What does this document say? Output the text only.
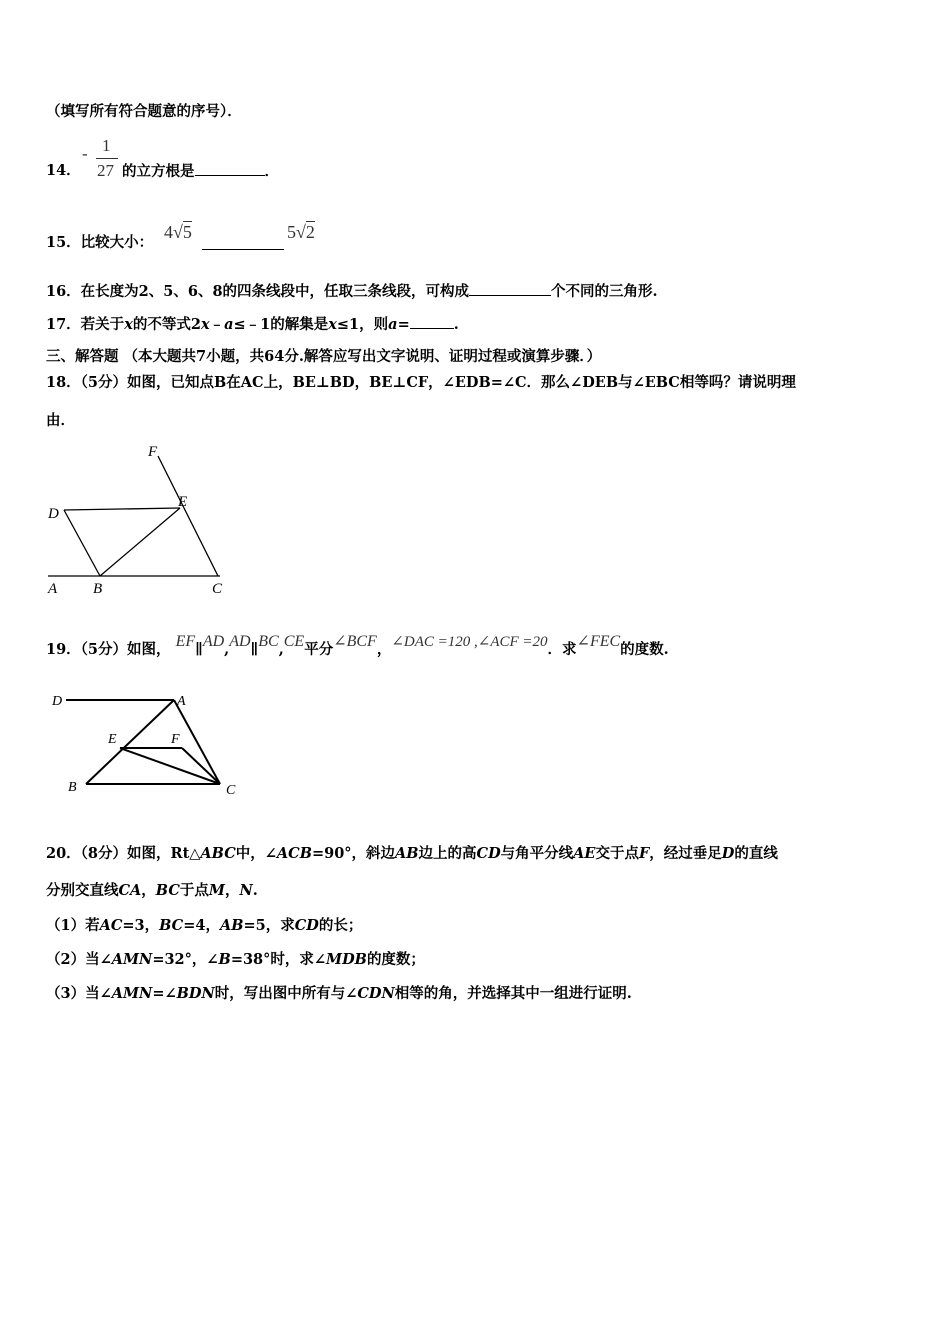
（填写所有符合题意的序号）．
14．
- 1
27 的立方根是	．
15．比较大小：
4√5	5√2
16．在长度为2、5、6、8的四条线段中，任取三条线段，可构成	个不同的三角形.
17．若关于x的不等式2x﹣a≤﹣1的解集是x≤1，则a=	.
三、解答题 （本大题共7小题，共64分.解答应写出文字说明、证明过程或演算步骤．）
18．（5分）如图，已知点B在AC上，BE⊥BD，BE⊥CF，∠EDB=∠C．那么∠DEB与∠EBC相等吗？请说明理
由．
F
E
D
A B	C
19．（5分）如图， EF∥AD,AD∥BC,CE平分∠BCF，∠DAC =120 ,∠ACF =20．求∠FEC的度数.
D	A
E	F
B	C
20．（8分）如图，Rt△ABC中，∠ACB=90°，斜边AB边上的高CD与角平分线AE交于点F，经过垂足D的直线
分别交直线CA，BC于点M，N.
（1）若AC=3，BC=4，AB=5，求CD的长；
（2）当∠AMN=32°，∠B=38°时，求∠MDB的度数；
（3）当∠AMN=∠BDN时，写出图中所有与∠CDN相等的角，并选择其中一组进行证明.
